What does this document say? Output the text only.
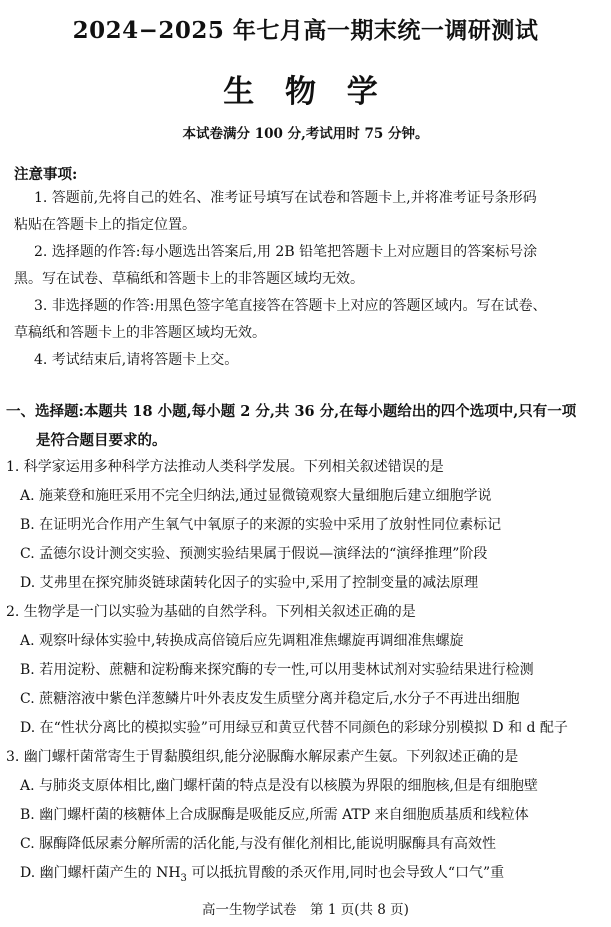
2024−2025 年七月高一期末统一调研测试
生 物 学
本试卷满分 100 分,考试用时 75 分钟。
注意事项:
1. 答题前,先将自己的姓名、准考证号填写在试卷和答题卡上,并将准考证号条形码
粘贴在答题卡上的指定位置。
2. 选择题的作答:每小题选出答案后,用 2B 铅笔把答题卡上对应题目的答案标号涂
黑。写在试卷、草稿纸和答题卡上的非答题区域均无效。
3. 非选择题的作答:用黑色签字笔直接答在答题卡上对应的答题区域内。写在试卷、
草稿纸和答题卡上的非答题区域均无效。
4. 考试结束后,请将答题卡上交。
一、选择题:本题共 18 小题,每小题 2 分,共 36 分,在每小题给出的四个选项中,只有一项
是符合题目要求的。
1. 科学家运用多种科学方法推动人类科学发展。下列相关叙述错误的是
A. 施莱登和施旺采用不完全归纳法,通过显微镜观察大量细胞后建立细胞学说
B. 在证明光合作用产生氧气中氧原子的来源的实验中采用了放射性同位素标记
C. 孟德尔设计测交实验、预测实验结果属于假说—演绎法的“演绎推理”阶段
D. 艾弗里在探究肺炎链球菌转化因子的实验中,采用了控制变量的减法原理
2. 生物学是一门以实验为基础的自然学科。下列相关叙述正确的是
A. 观察叶绿体实验中,转换成高倍镜后应先调粗准焦螺旋再调细准焦螺旋
B. 若用淀粉、蔗糖和淀粉酶来探究酶的专一性,可以用斐林试剂对实验结果进行检测
C. 蔗糖溶液中紫色洋葱鳞片叶外表皮发生质壁分离并稳定后,水分子不再进出细胞
D. 在“性状分离比的模拟实验”可用绿豆和黄豆代替不同颜色的彩球分别模拟 D 和 d 配子
3. 幽门螺杆菌常寄生于胃黏膜组织,能分泌脲酶水解尿素产生氨。下列叙述正确的是
A. 与肺炎支原体相比,幽门螺杆菌的特点是没有以核膜为界限的细胞核,但是有细胞壁
B. 幽门螺杆菌的核糖体上合成脲酶是吸能反应,所需 ATP 来自细胞质基质和线粒体
C. 脲酶降低尿素分解所需的活化能,与没有催化剂相比,能说明脲酶具有高效性
D. 幽门螺杆菌产生的 $NH_3$ 可以抵抗胃酸的杀灭作用,同时也会导致人“口气”重
高一生物学试卷　第 1 页(共 8 页)
